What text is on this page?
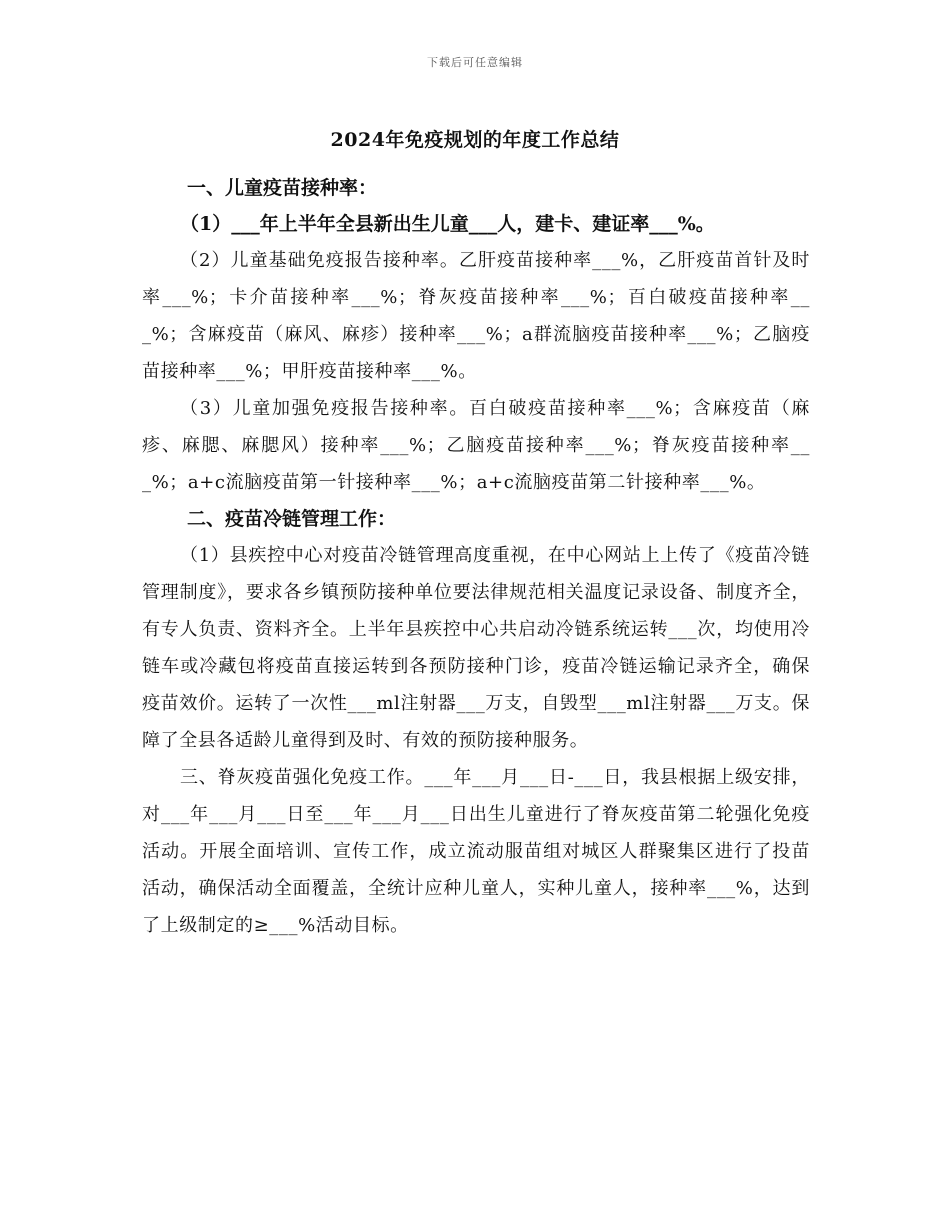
下载后可任意编辑
2024年免疫规划的年度工作总结

一、儿童疫苗接种率：

（1）___年上半年全县新出生儿童___人，建卡、建证率___%。

（2）儿童基础免疫报告接种率。乙肝疫苗接种率___%，乙肝疫苗首针及时率___%；卡介苗接种率___%；脊灰疫苗接种率___%；百白破疫苗接种率___%；含麻疫苗（麻风、麻疹）接种率___%；a群流脑疫苗接种率___%；乙脑疫苗接种率___%；甲肝疫苗接种率___%。

（3）儿童加强免疫报告接种率。百白破疫苗接种率___%；含麻疫苗（麻疹、麻腮、麻腮风）接种率___%；乙脑疫苗接种率___%；脊灰疫苗接种率___%；a+c流脑疫苗第一针接种率___%；a+c流脑疫苗第二针接种率___%。

二、疫苗冷链管理工作：

（1）县疾控中心对疫苗冷链管理高度重视，在中心网站上上传了《疫苗冷链管理制度》，要求各乡镇预防接种单位要法律规范相关温度记录设备、制度齐全，有专人负责、资料齐全。上半年县疾控中心共启动冷链系统运转___次，均使用冷链车或冷藏包将疫苗直接运转到各预防接种门诊，疫苗冷链运输记录齐全，确保疫苗效价。运转了一次性___ml注射器___万支，自毁型___ml注射器___万支。保障了全县各适龄儿童得到及时、有效的预防接种服务。

三、脊灰疫苗强化免疫工作。___年___月___日-___日，我县根据上级安排，对___年___月___日至___年___月___日出生儿童进行了脊灰疫苗第二轮强化免疫活动。开展全面培训、宣传工作，成立流动服苗组对城区人群聚集区进行了投苗活动，确保活动全面覆盖，全统计应种儿童人，实种儿童人，接种率___%，达到了上级制定的≥___%活动目标。
